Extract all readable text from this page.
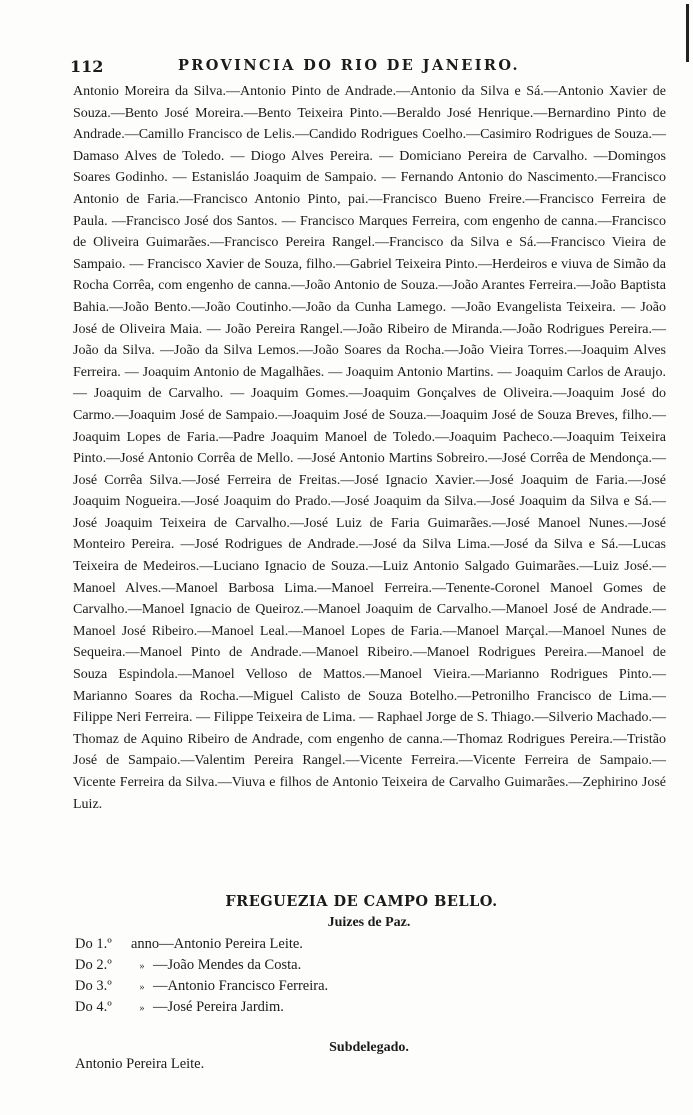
112	PROVINCIA DO RIO DE JANEIRO.

Antonio Moreira da Silva.—Antonio Pinto de Andrade.—Antonio da Silva e Sá.—Antonio Xavier de Souza.—Bento José Moreira.—Bento Teixeira Pinto.—Beraldo José Henrique.—Bernardino Pinto de Andrade.—Camillo Francisco de Lelis.—Candido Rodrigues Coelho.—Casimiro Rodrigues de Souza.—Damaso Alves de Toledo. — Diogo Alves Pereira. — Domiciano Pereira de Carvalho. —Domingos Soares Godinho. — Estanisláo Joaquim de Sampaio. — Fernando Antonio do Nascimento.—Francisco Antonio de Faria.—Francisco Antonio Pinto, pai.—Francisco Bueno Freire.—Francisco Ferreira de Paula. —Francisco José dos Santos. — Francisco Marques Ferreira, com engenho de canna.—Francisco de Oliveira Guimarães.—Francisco Pereira Rangel.—Francisco da Silva e Sá.—Francisco Vieira de Sampaio. — Francisco Xavier de Souza, filho.—Gabriel Teixeira Pinto.—Herdeiros e viuva de Simão da Rocha Corrêa, com engenho de canna.—João Antonio de Souza.—João Arantes Ferreira.—João Baptista Bahia.—João Bento.—João Coutinho.—João da Cunha Lamego. —João Evangelista Teixeira. — João José de Oliveira Maia. — João Pereira Rangel.—João Ribeiro de Miranda.—João Rodrigues Pereira.—João da Silva. —João da Silva Lemos.—João Soares da Rocha.—João Vieira Torres.—Joaquim Alves Ferreira. — Joaquim Antonio de Magalhães. — Joaquim Antonio Martins. — Joaquim Carlos de Araujo. — Joaquim de Carvalho. — Joaquim Gomes.—Joaquim Gonçalves de Oliveira.—Joaquim José do Carmo.—Joaquim José de Sampaio.—Joaquim José de Souza.—Joaquim José de Souza Breves, filho.—Joaquim Lopes de Faria.—Padre Joaquim Manoel de Toledo.—Joaquim Pacheco.—Joaquim Teixeira Pinto.—José Antonio Corrêa de Mello. —José Antonio Martins Sobreiro.—José Corrêa de Mendonça.—José Corrêa Silva.—José Ferreira de Freitas.—José Ignacio Xavier.—José Joaquim de Faria.—José Joaquim Nogueira.—José Joaquim do Prado.—José Joaquim da Silva.—José Joaquim da Silva e Sá.—José Joaquim Teixeira de Carvalho.—José Luiz de Faria Guimarães.—José Manoel Nunes.—José Monteiro Pereira. —José Rodrigues de Andrade.—José da Silva Lima.—José da Silva e Sá.—Lucas Teixeira de Medeiros.—Luciano Ignacio de Souza.—Luiz Antonio Salgado Guimarães.—Luiz José.—Manoel Alves.—Manoel Barbosa Lima.—Manoel Ferreira.—Tenente-Coronel Manoel Gomes de Carvalho.—Manoel Ignacio de Queiroz.—Manoel Joaquim de Carvalho.—Manoel José de Andrade.—Manoel José Ribeiro.—Manoel Leal.—Manoel Lopes de Faria.—Manoel Marçal.—Manoel Nunes de Sequeira.—Manoel Pinto de Andrade.—Manoel Ribeiro.—Manoel Rodrigues Pereira.—Manoel de Souza Espindola.—Manoel Velloso de Mattos.—Manoel Vieira.—Marianno Rodrigues Pinto.—Marianno Soares da Rocha.—Miguel Calisto de Souza Botelho.—Petronilho Francisco de Lima.—Filippe Neri Ferreira. — Filippe Teixeira de Lima. — Raphael Jorge de S. Thiago.—Silverio Machado.—Thomaz de Aquino Ribeiro de Andrade, com engenho de canna.—Thomaz Rodrigues Pereira.—Tristão José de Sampaio.—Valentim Pereira Rangel.—Vicente Ferreira.—Vicente Ferreira de Sampaio.—Vicente Ferreira da Silva.—Viuva e filhos de Antonio Teixeira de Carvalho Guimarães.—Zephirino José Luiz.

FREGUEZIA DE CAMPO BELLO.
Juizes de Paz.
Do 1.º anno—Antonio Pereira Leite.
Do 2.º	» —João Mendes da Costa.
Do 3.º	» —Antonio Francisco Ferreira.
Do 4.º	» —José Pereira Jardim.
Subdelegado.
Antonio Pereira Leite.
